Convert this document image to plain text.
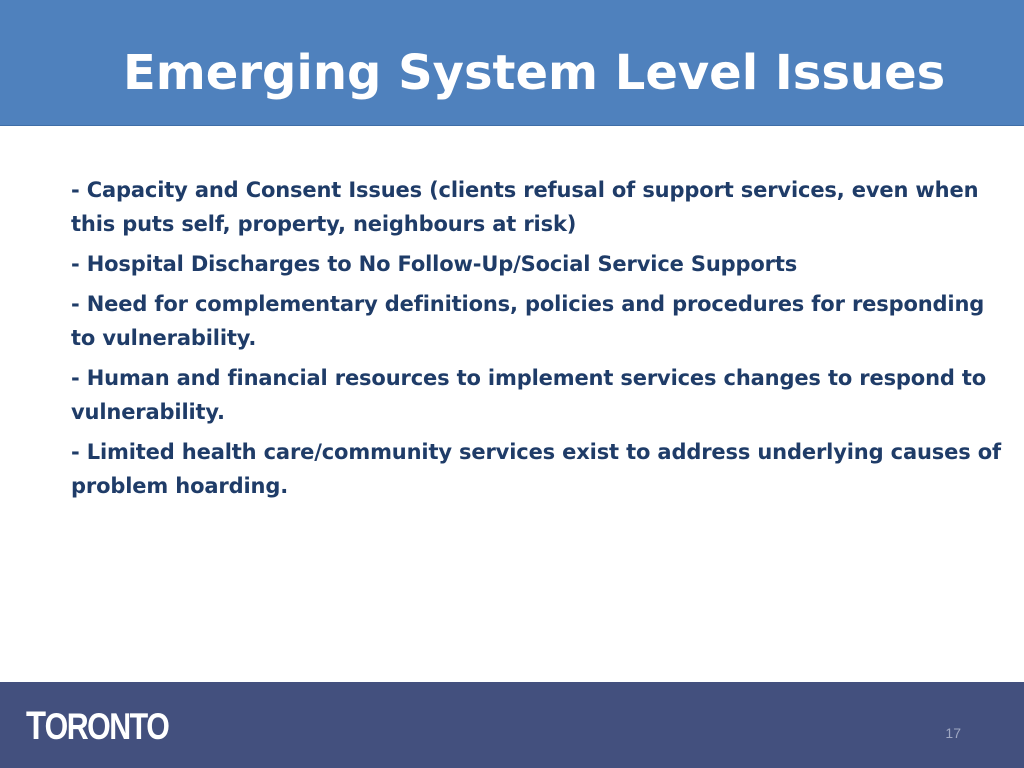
Emerging System Level Issues
- Capacity and Consent Issues (clients refusal of support services, even when this puts self, property, neighbours at risk)
- Hospital Discharges to No Follow-Up/Social Service Supports
- Need for complementary definitions, policies and procedures for responding to vulnerability.
- Human and financial resources to implement services changes to respond to vulnerability.
- Limited health care/community services exist to address underlying causes of problem hoarding.
TORONTO	17
